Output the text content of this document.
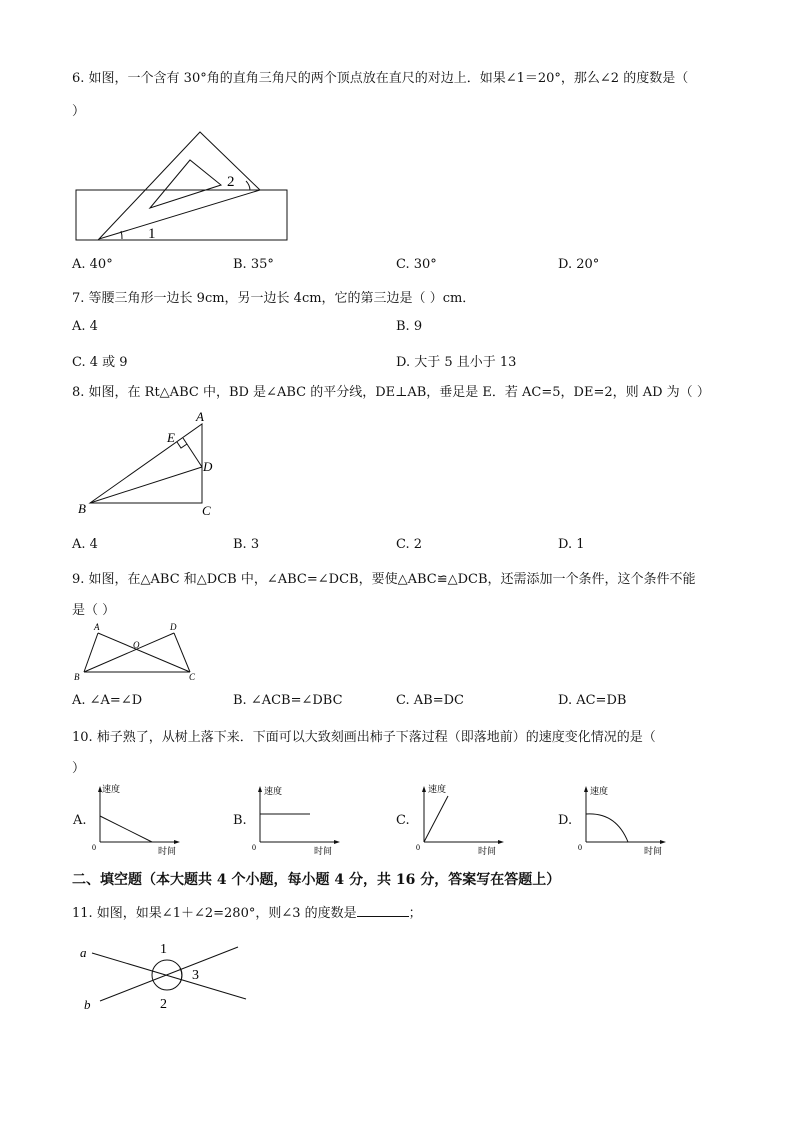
6. 如图，一个含有 30°角的直角三角尺的两个顶点放在直尺的对边上．如果∠1＝20°，那么∠2 的度数是（
）
1
2
A. 40°	B. 35°	C. 30°	D. 20°
7. 等腰三角形一边长 9cm，另一边长 4cm，它的第三边是（ ）cm．
A. 4	B. 9
C. 4 或 9	D. 大于 5 且小于 13
8. 如图，在 Rt△ABC 中，BD 是∠ABC 的平分线，DE⊥AB，垂足是 E．若 AC=5，DE=2，则 AD 为（ ）
A
B	C
D
E
A. 4	B. 3	C. 2	D. 1
9. 如图，在△ABC 和△DCB 中，∠ABC=∠DCB，要使△ABC≌△DCB，还需添加一个条件，这个条件不能
是（ ）
A	D
O
B	C
A. ∠A=∠D	B. ∠ACB=∠DBC	C. AB=DC	D. AC=DB
10. 柿子熟了，从树上落下来．下面可以大致刻画出柿子下落过程（即落地前）的速度变化情况的是（
）
A.
速度
时间
0
B.
速度
时间
0
C.
速度
时间
0
D.
速度
时间
0
二、填空题（本大题共 4 个小题，每小题 4 分，共 16 分，答案写在答题上）
11. 如图，如果∠1＋∠2=280°，则∠3 的度数是	；
a
b
1
2
3
